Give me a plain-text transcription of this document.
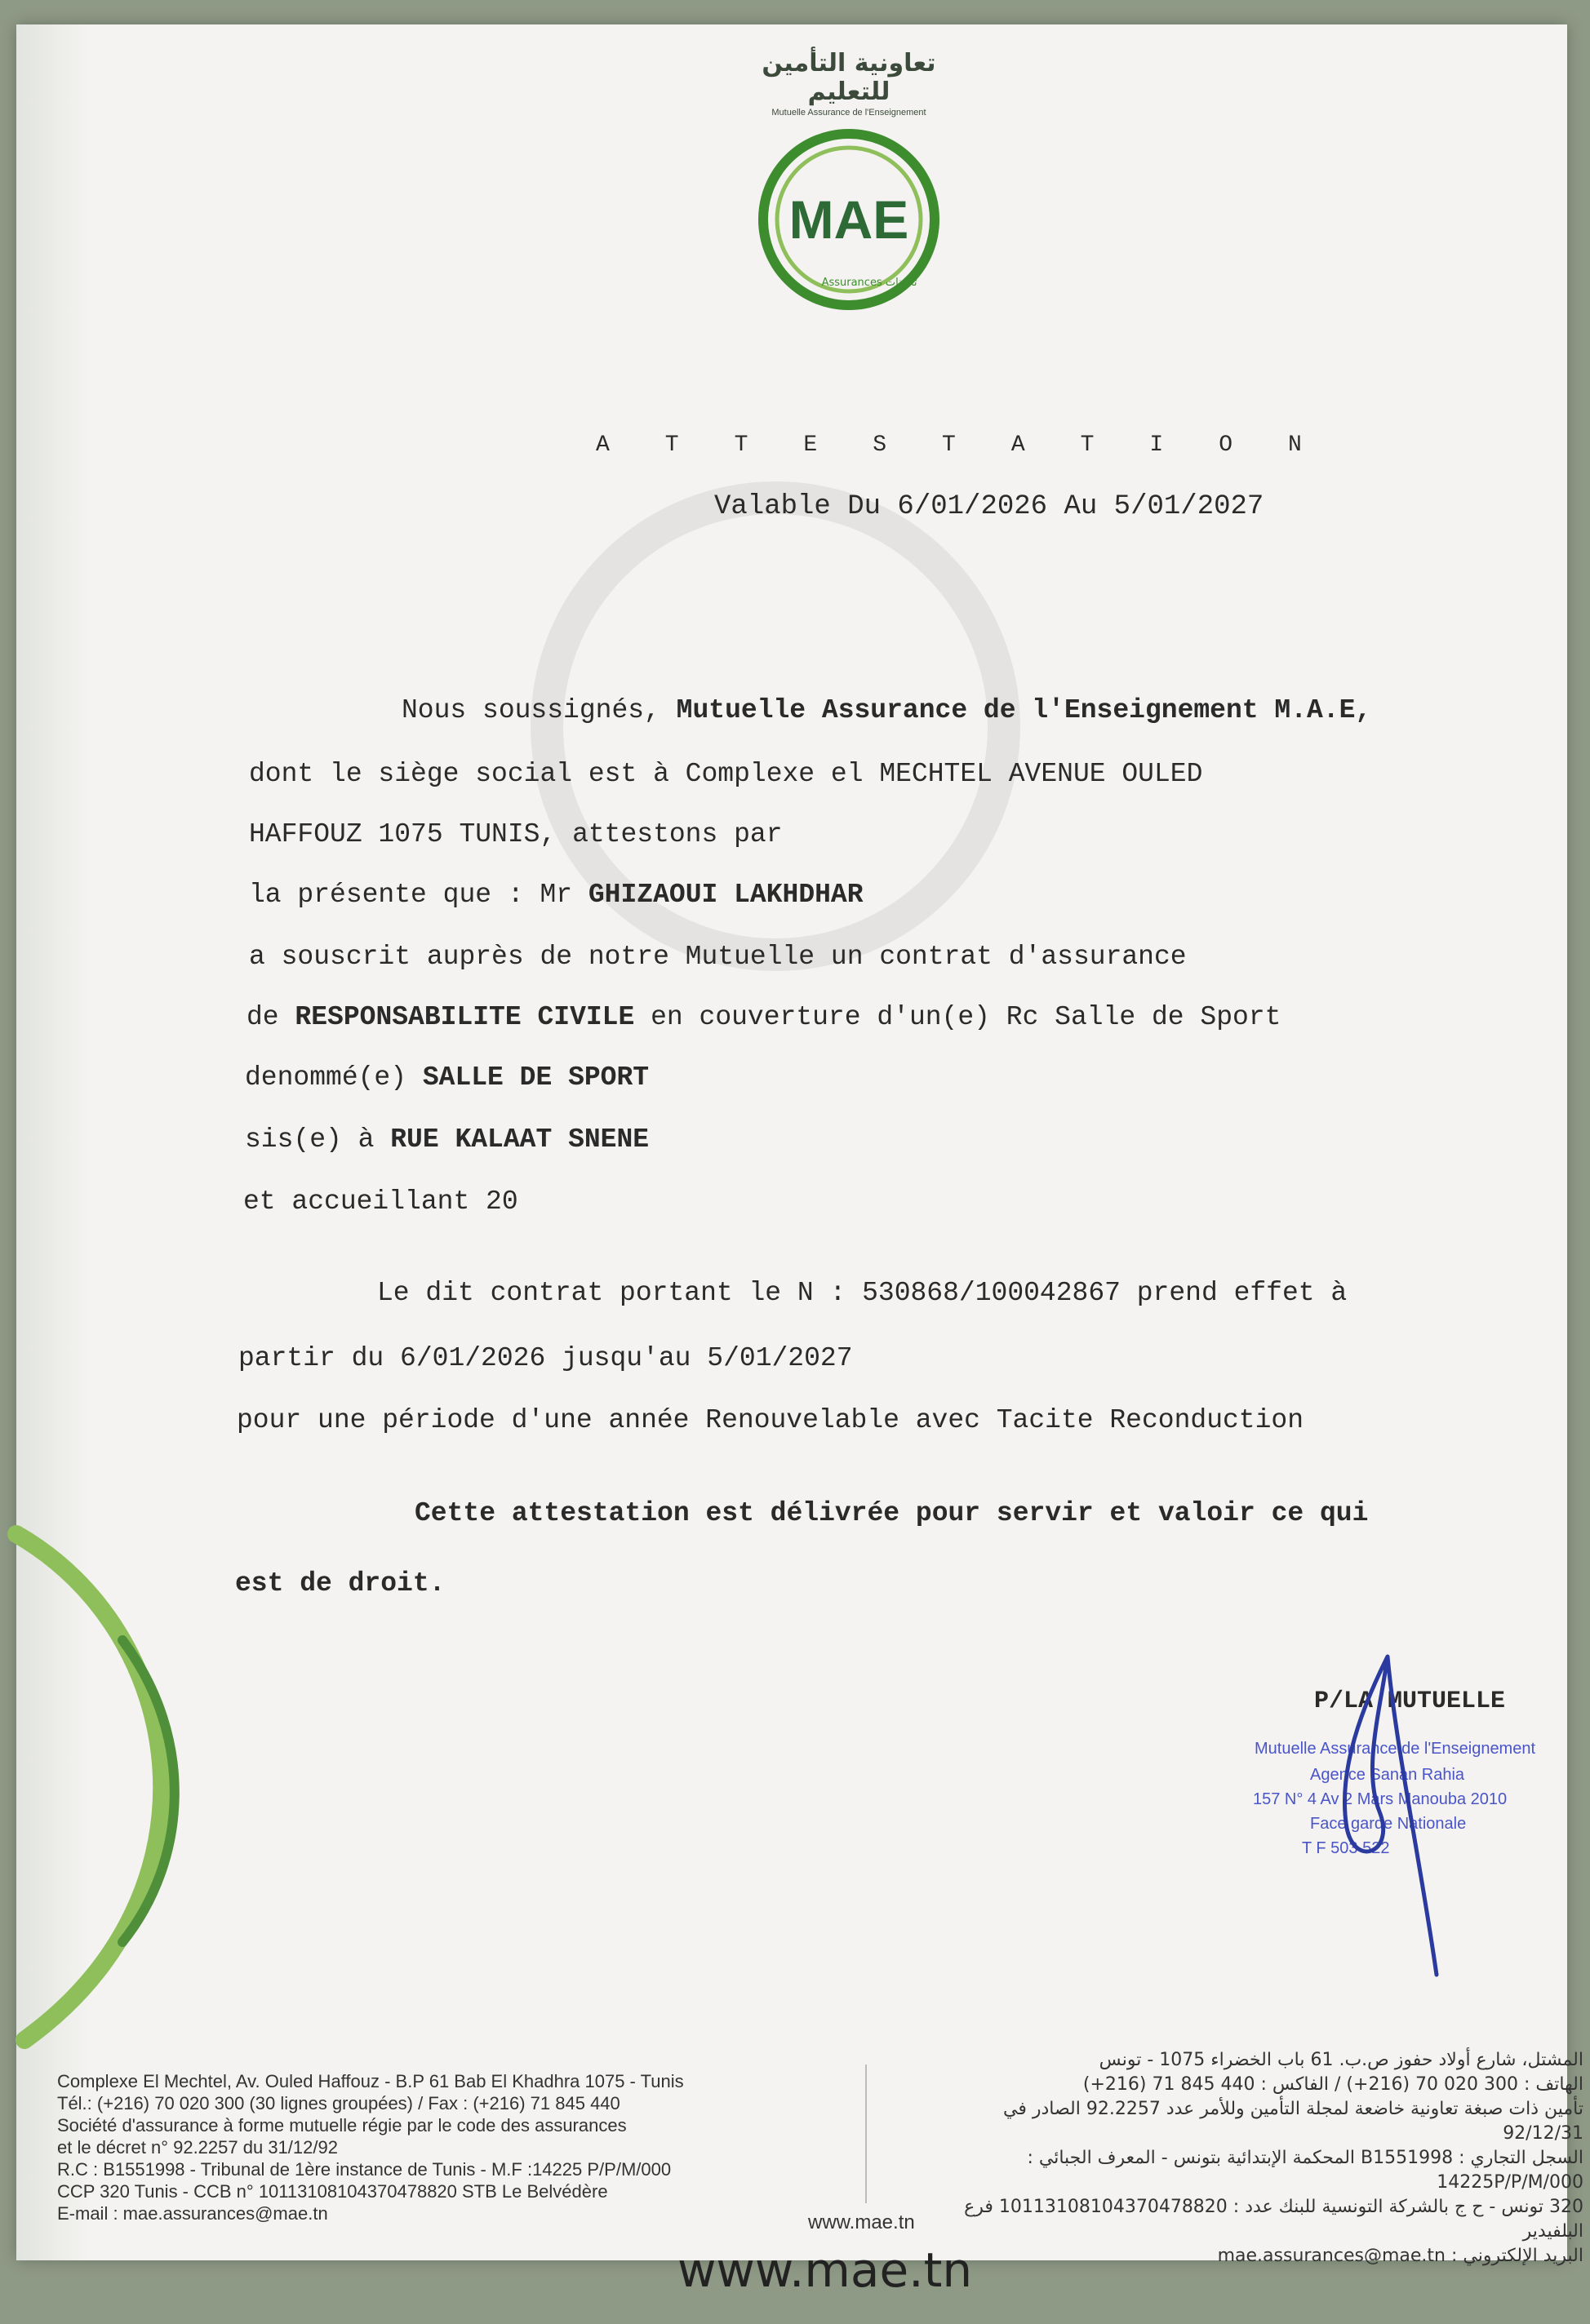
تعاونية التأمين للتعليم
Mutuelle Assurance de l'Enseignement
MAE
Assurances تأمينات
ATTESTATION
Valable Du 6/01/2026 Au 5/01/2027
Nous soussignés, Mutuelle Assurance de l'Enseignement M.A.E,
dont le siège social est à Complexe el MECHTEL AVENUE OULED
HAFFOUZ 1075 TUNIS, attestons par
la présente que : Mr GHIZAOUI LAKHDHAR
a souscrit auprès de notre Mutuelle un contrat d'assurance
de RESPONSABILITE CIVILE en couverture d'un(e) Rc Salle de Sport
denommé(e) SALLE DE SPORT
sis(e) à RUE KALAAT SNENE
et accueillant 20
Le dit contrat portant le N : 530868/100042867 prend effet à
partir du 6/01/2026 jusqu'au 5/01/2027
pour une période d'une année Renouvelable avec Tacite Reconduction
Cette attestation est délivrée pour servir et valoir ce qui
est de droit.
P/LA MUTUELLE
Mutuelle Assurance de l'Enseignement
Agence Sanan Rahia
157 N° 4 Av 2 Mars Manouba 2010
Face garde Nationale
T F 503 522
Complexe El Mechtel, Av. Ouled Haffouz - B.P 61 Bab El Khadhra 1075 - Tunis
Tél.: (+216) 70 020 300 (30 lignes groupées) / Fax : (+216) 71 845 440
Société d'assurance à forme mutuelle régie par le code des assurances
et le décret n° 92.2257 du 31/12/92
R.C : B1551998 - Tribunal de 1ère instance de Tunis - M.F :14225 P/P/M/000
CCP 320 Tunis - CCB n° 10113108104370478820 STB Le Belvédère
E-mail : mae.assurances@mae.tn
المشتل، شارع أولاد حفوز ص.ب. 61 باب الخضراء 1075 - تونس
الهاتف : 300 020 70 (216+) / الفاكس : 440 845 71 (216+)
تأمين ذات صبغة تعاونية خاضعة لمجلة التأمين وللأمر عدد 92.2257 الصادر في 92/12/31
السجل التجاري : B1551998 المحكمة الإبتدائية بتونس - المعرف الجبائي : 14225P/P/M/000
320 تونس - ح ج بالشركة التونسية للبنك عدد : 10113108104370478820 فرع البلفيدير
البريد الإلكتروني : mae.assurances@mae.tn
www.mae.tn
www.mae.tn
